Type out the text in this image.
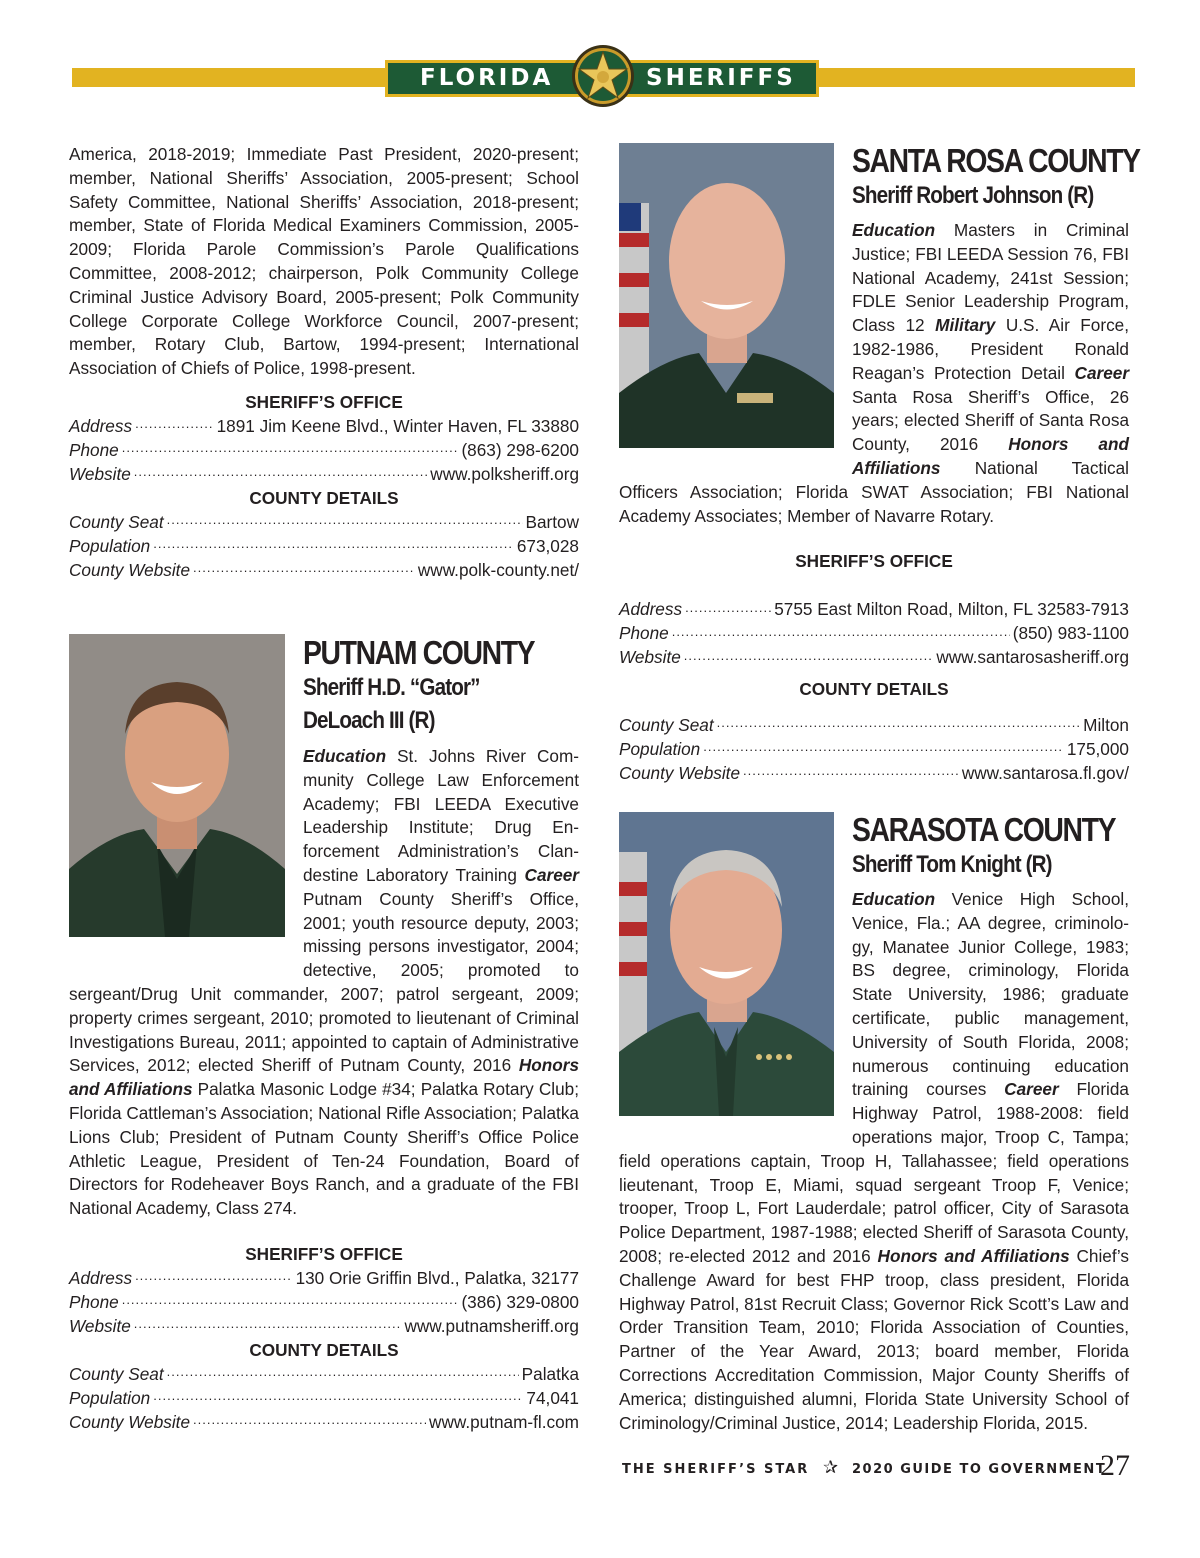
FLORIDA	SHERIFFS

America, 2018-2019; Immediate Past President, 2020-present; member, National Sheriffs’ Association, 2005-present; School Safety Committee, National Sheriffs’ Association, 2018-present; member, State of Florida Medical Examiners Commission, 2005-2009; Florida Parole Commission’s Parole Qualifications Committee, 2008-2012; chairperson, Polk Community College Criminal Justice Advisory Board, 2005-present; Polk Community College Corporate College Workforce Council, 2007-present; member, Rotary Club, Bartow, 1994-present; International Association of Chiefs of Police, 1998-present.

SHERIFF’S OFFICE
Address .....	1891 Jim Keene Blvd., Winter Haven, FL 33880
Phone .....	(863) 298-6200
Website .....	www.polksheriff.org
COUNTY DETAILS
County Seat .....	Bartow
Population .....	673,028
County Website .....	www.polk-county.net/
PUTNAM COUNTY
Sheriff H.D. “Gator”
DeLoach III (R)

Education St. Johns River Community College Law Enforcement Academy; FBI LEEDA Executive Leadership Institute; Drug Enforcement Administration’s Clandestine Laboratory Training Career Putnam County Sheriff’s Office, 2001; youth resource deputy, 2003; missing persons investigator, 2004; detective, 2005; promoted to sergeant/Drug Unit commander, 2007; patrol sergeant, 2009; property crimes sergeant, 2010; promoted to lieutenant of Criminal Investigations Bureau, 2011; appointed to captain of Administrative Services, 2012; elected Sheriff of Putnam County, 2016 Honors and Affiliations Palatka Masonic Lodge #34; Palatka Rotary Club; Florida Cattleman’s Association; National Rifle Association; Palatka Lions Club; President of Putnam County Sheriff’s Office Police Athletic League, President of Ten-24 Foundation, Board of Directors for Rodeheaver Boys Ranch, and a graduate of the FBI National Academy, Class 274.

SHERIFF’S OFFICE
Address .....	130 Orie Griffin Blvd., Palatka, 32177
Phone .....	(386) 329-0800
Website .....	www.putnamsheriff.org
COUNTY DETAILS
County Seat .....	Palatka
Population .....	74,041
County Website .....	www.putnam-fl.com
SANTA ROSA COUNTY
Sheriff Robert Johnson (R)

Education Masters in Criminal Justice; FBI LEEDA Session 76, FBI National Academy, 241st Session; FDLE Senior Leadership Program, Class 12 Military U.S. Air Force, 1982-1986, President Ronald Reagan’s Protection Detail Career Santa Rosa Sheriff’s Office, 26 years; elected Sheriff of Santa Rosa County, 2016 Honors and Affiliations National Tactical Officers Association; Florida SWAT Association; FBI National Academy Associates; Member of Navarre Rotary.

SHERIFF’S OFFICE
Address .....	5755 East Milton Road, Milton, FL 32583-7913
Phone .....	(850) 983-1100
Website .....	www.santarosasheriff.org
COUNTY DETAILS
County Seat .....	Milton
Population .....	175,000
County Website .....	www.santarosa.fl.gov/
SARASOTA COUNTY
Sheriff Tom Knight (R)

Education Venice High School, Venice, Fla.; AA degree, criminology, Manatee Junior College, 1983; BS degree, criminology, Florida State University, 1986; graduate certificate, public management, University of South Florida, 2008; numerous continuing education training courses Career Florida Highway Patrol, 1988-2008: field operations major, Troop C, Tampa; field operations captain, Troop H, Tallahassee; field operations lieutenant, Troop E, Miami, squad sergeant Troop F, Venice; trooper, Troop L, Fort Lauderdale; patrol officer, City of Sarasota Police Department, 1987-1988; elected Sheriff of Sarasota County, 2008; re-elected 2012 and 2016 Honors and Affiliations Chief’s Challenge Award for best FHP troop, class president, Florida Highway Patrol, 81st Recruit Class; Governor Rick Scott’s Law and Order Transition Team, 2010; Florida Association of Counties, Partner of the Year Award, 2013; board member, Florida Corrections Accreditation Commission, Major County Sheriffs of America; distinguished alumni, Florida State University School of Criminology/Criminal Justice, 2014; Leadership Florida, 2015.

THE SHERIFF’S STAR ✰ 2020 GUIDE TO GOVERNMENT
27
